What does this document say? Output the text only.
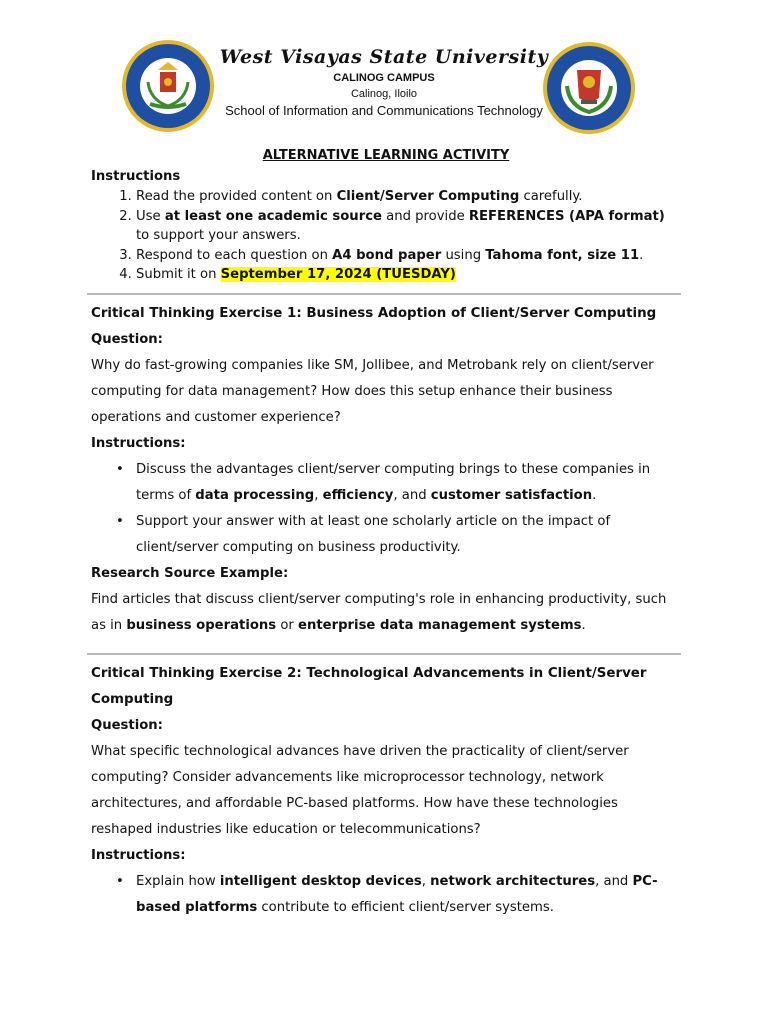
West Visayas State University
CALINOG CAMPUS
Calinog, Iloilo
School of Information and Communications Technology
ALTERNATIVE LEARNING ACTIVITY
Instructions
1. Read the provided content on Client/Server Computing carefully.
2. Use at least one academic source and provide REFERENCES (APA format) to support your answers.
3. Respond to each question on A4 bond paper using Tahoma font, size 11.
4. Submit it on September 17, 2024 (TUESDAY)
Critical Thinking Exercise 1: Business Adoption of Client/Server Computing
Question:

Why do fast-growing companies like SM, Jollibee, and Metrobank rely on client/server computing for data management? How does this setup enhance their business operations and customer experience?

Instructions:
• Discuss the advantages client/server computing brings to these companies in terms of data processing, efficiency, and customer satisfaction.
• Support your answer with at least one scholarly article on the impact of client/server computing on business productivity.
Research Source Example:

Find articles that discuss client/server computing's role in enhancing productivity, such as in business operations or enterprise data management systems.

Critical Thinking Exercise 2: Technological Advancements in Client/Server Computing
Question:

What specific technological advances have driven the practicality of client/server computing? Consider advancements like microprocessor technology, network architectures, and affordable PC-based platforms. How have these technologies reshaped industries like education or telecommunications?

Instructions:
• Explain how intelligent desktop devices, network architectures, and PC-based platforms contribute to efficient client/server systems.
